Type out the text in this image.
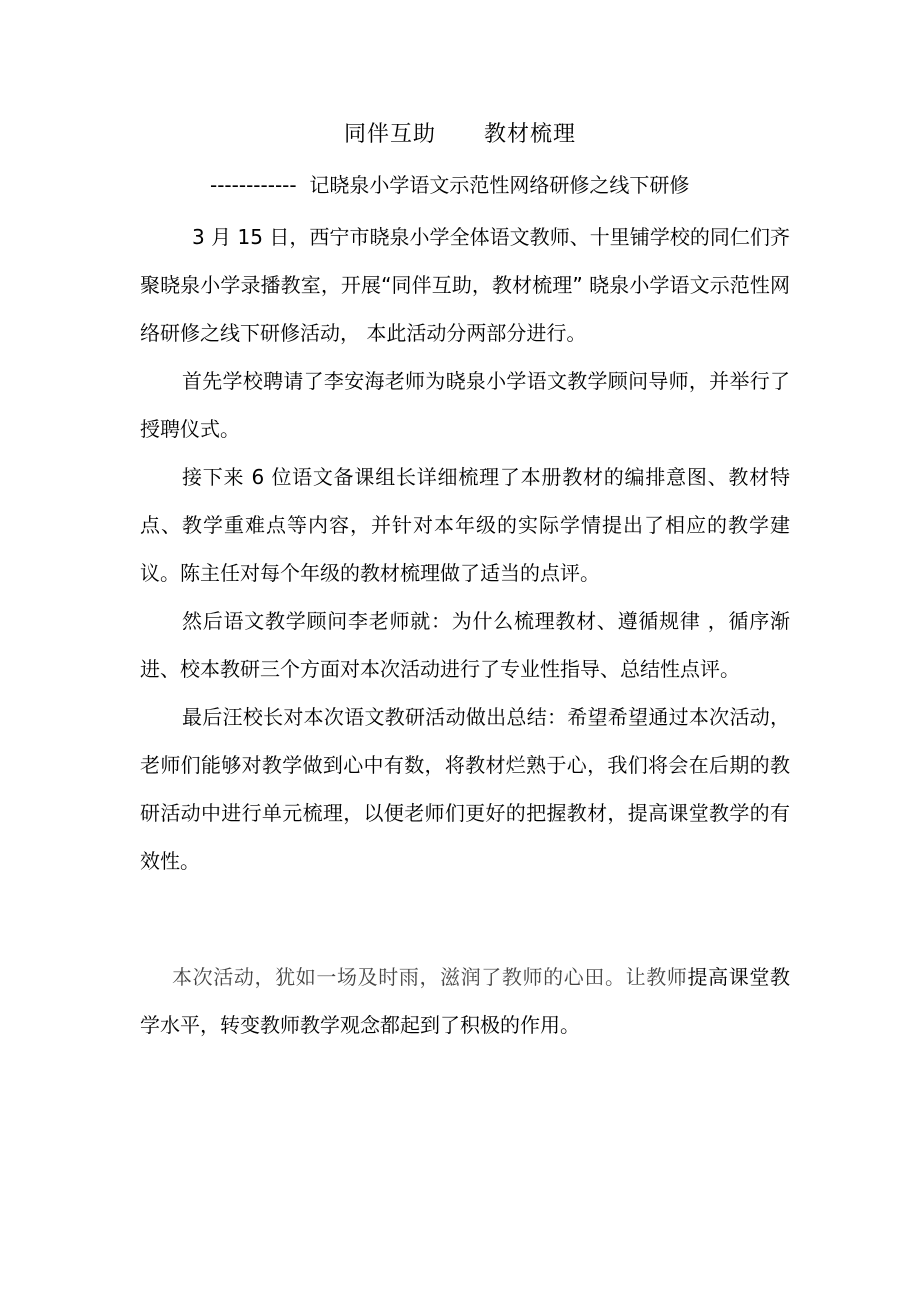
同伴互助      教材梳理
------------  记晓泉小学语文示范性网络研修之线下研修

3 月 15 日，西宁市晓泉小学全体语文教师、十里铺学校的同仁们齐聚晓泉小学录播教室，开展“同伴互助，教材梳理” 晓泉小学语文示范性网络研修之线下研修活动， 本此活动分两部分进行。

首先学校聘请了李安海老师为晓泉小学语文教学顾问导师，并举行了授聘仪式。

接下来 6 位语文备课组长详细梳理了本册教材的编排意图、教材特点、教学重难点等内容，并针对本年级的实际学情提出了相应的教学建议。陈主任对每个年级的教材梳理做了适当的点评。

然后语文教学顾问李老师就：为什么梳理教材、遵循规律 ，循序渐进、校本教研三个方面对本次活动进行了专业性指导、总结性点评。

最后汪校长对本次语文教研活动做出总结：希望希望通过本次活动，老师们能够对教学做到心中有数，将教材烂熟于心，我们将会在后期的教研活动中进行单元梳理，以便老师们更好的把握教材，提高课堂教学的有效性。

本次活动，犹如一场及时雨，滋润了教师的心田。让教师提高课堂教学水平，转变教师教学观念都起到了积极的作用。
